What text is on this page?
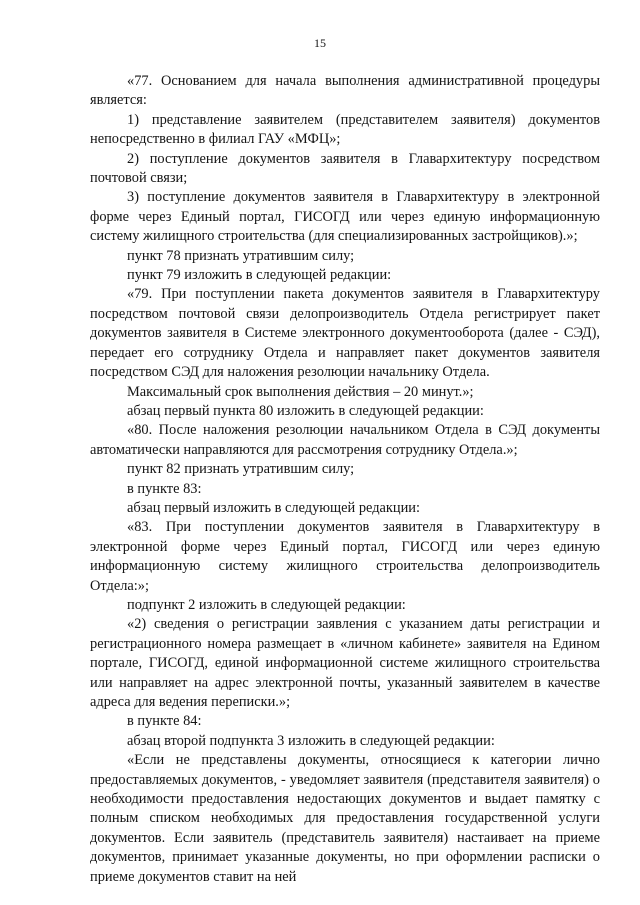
15

«77. Основанием для начала выполнения административной процедуры является:

1) представление заявителем (представителем заявителя) документов непосредственно в филиал ГАУ «МФЦ»;

2) поступление документов заявителя в Главархитектуру посредством почтовой связи;

3) поступление документов заявителя в Главархитектуру в электронной форме через Единый портал, ГИСОГД или через единую информационную систему жилищного строительства (для специализированных застройщиков).»;

пункт 78 признать утратившим силу;

пункт 79 изложить в следующей редакции:

«79. При поступлении пакета документов заявителя в Главархитектуру посредством почтовой связи делопроизводитель Отдела регистрирует пакет документов заявителя в Системе электронного документооборота (далее - СЭД), передает его сотруднику Отдела и направляет пакет документов заявителя посредством СЭД для наложения резолюции начальнику Отдела.

Максимальный срок выполнения действия – 20 минут.»;

абзац первый пункта 80 изложить в следующей редакции:

«80. После наложения резолюции начальником Отдела в СЭД документы автоматически направляются для рассмотрения сотруднику Отдела.»;

пункт 82 признать утратившим силу;

в пункте 83:

абзац первый изложить в следующей редакции:

«83. При поступлении документов заявителя в Главархитектуру в электронной форме через Единый портал, ГИСОГД или через единую информационную систему жилищного строительства делопроизводитель Отдела:»;

подпункт 2 изложить в следующей редакции:

«2) сведения о регистрации заявления с указанием даты регистрации и регистрационного номера размещает в «личном кабинете» заявителя на Едином портале, ГИСОГД, единой информационной системе жилищного строительства или направляет на адрес электронной почты, указанный заявителем в качестве адреса для ведения переписки.»;

в пункте 84:

абзац второй подпункта 3 изложить в следующей редакции:

«Если не представлены документы, относящиеся к категории лично предоставляемых документов, - уведомляет заявителя (представителя заявителя) о необходимости предоставления недостающих документов и выдает памятку с полным списком необходимых для предоставления государственной услуги документов. Если заявитель (представитель заявителя) настаивает на приеме документов, принимает указанные документы, но при оформлении расписки о приеме документов ставит на ней
